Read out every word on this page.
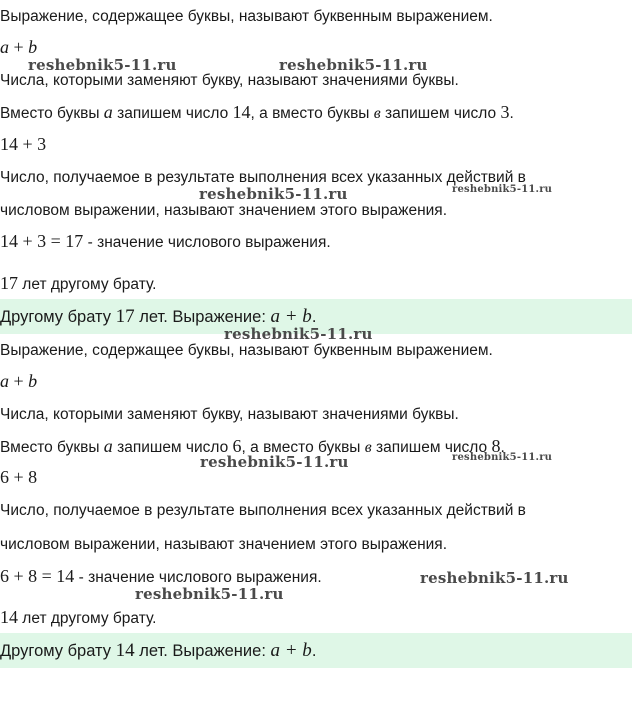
Выражение, содержащее буквы, называют буквенным выражением.
a + b
Числа, которыми заменяют букву, называют значениями буквы.
Вместо буквы a запишем число 14, а вместо буквы в запишем число 3.
14 + 3
Число, получаемое в результате выполнения всех указанных действий в
числовом выражении, называют значением этого выражения.
14 + 3 = 17 - значение числового выражения.
17 лет другому брату.
Другому брату 17 лет. Выражение: a + b.
Выражение, содержащее буквы, называют буквенным выражением.
a + b
Числа, которыми заменяют букву, называют значениями буквы.
Вместо буквы a запишем число 6, а вместо буквы в запишем число 8.
6 + 8
Число, получаемое в результате выполнения всех указанных действий в
числовом выражении, называют значением этого выражения.
6 + 8 = 14 - значение числового выражения.
14 лет другому брату.
Другому брату 14 лет. Выражение: a + b.
reshebnik5-11.ru	reshebnik5-11.ru
reshebnik5-11.ru	reshebnik5-11.ru
reshebnik5-11.ru
reshebnik5-11.ru	reshebnik5-11.ru
reshebnik5-11.ru
reshebnik5-11.ru
